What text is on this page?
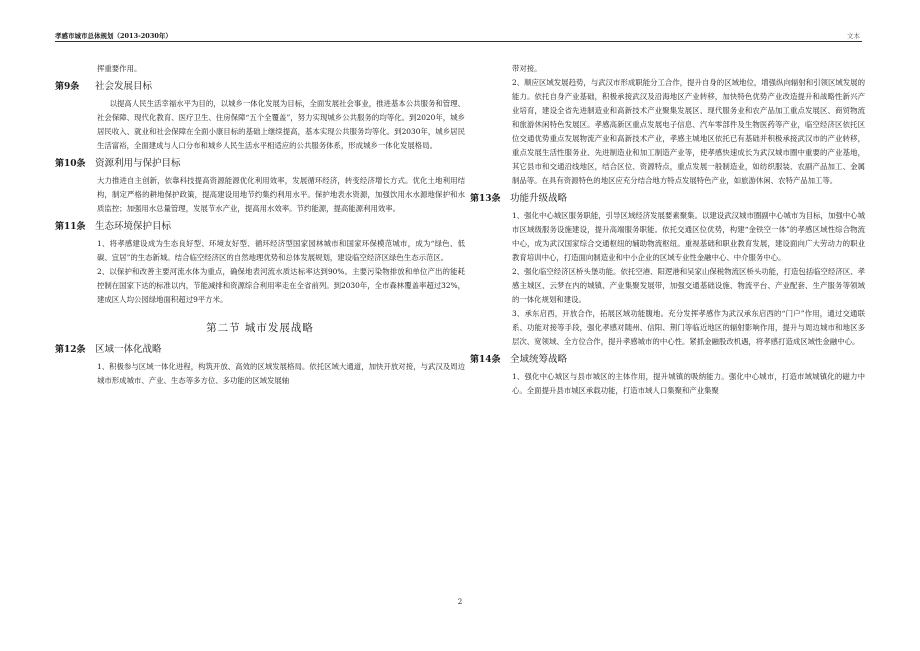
孝感市城市总体规划（2013-2030年）	文本
挥重要作用。
第9条	社会发展目标
以提高人民生活幸福水平为目的，以城乡一体化发展为目标，全面发展社会事业，推进基本公共服务和管理、社会保障、现代化教育、医疗卫生、住房保障“五个全覆盖”，努力实现城乡公共服务的均等化。到2020年，城乡居民收入、就业和社会保障在全面小康目标的基础上继续提高，基本实现公共服务均等化。到2030年，城乡居民生活富裕，全面建成与人口分布和城乡人民生活水平相适应的公共服务体系，形成城乡一体化发展格局。
第10条 资源利用与保护目标
大力推进自主创新，依靠科技提高资源能源优化利用效率，发展循环经济，转变经济增长方式。优化土地利用结构，制定严格的耕地保护政策，提高建设用地节约集约利用水平。保护地表水资源，加强饮用水水源地保护和水质监控；加强用水总量管理，发展节水产业，提高用水效率。节约能源，提高能源利用效率。
第11条 生态环境保护目标
1、将孝感建设成为生态良好型、环境友好型、循环经济型国家园林城市和国家环保模范城市，成为“绿色、低碳、宜居”的生态新城。结合临空经济区的自然地理优势和总体发展规划，建设临空经济区绿色生态示范区。
2、以保护和改善主要河流水体为重点，确保地表河流水质达标率达到90%。主要污染物排放和单位产出的能耗控制在国家下达的标准以内，节能减排和资源综合利用率走在全省前列。到2030年，全市森林覆盖率超过32%，建成区人均公园绿地面积超过9平方米。
第二节 城市发展战略
第12条 区域一体化战略
1、积极参与区域一体化进程，构筑开放、高效的区域发展格局。依托区域大通道，加快开放对接，与武汉及周边城市形成城市、产业、生态等多方位、多功能的区域发展轴
带对接。
2、顺应区域发展趋势，与武汉市形成职能分工合作，提升自身的区域地位，增强纵向辐射和引领区域发展的能力。依托自身产业基础，积极承接武汉及沿海地区产业转移，加快特色优势产业改造提升和战略性新兴产业培育，建设全省先进制造业和高新技术产业聚集发展区、现代服务业和农产品加工重点发展区、商贸物流和旅游休闲特色发展区。孝感高新区重点发展电子信息、汽车零部件及生物医药等产业，临空经济区依托区位交通优势重点发展物流产业和高新技术产业，孝感主城地区依托已有基础并积极承接武汉市的产业转移，重点发展生活性服务业、先进制造业和加工制造产业等，使孝感快速成长为武汉城市圈中重要的产业基地，其它县市和交通沿线地区，结合区位、资源特点，重点发展一般制造业，如纺织服装、农副产品加工、金属制品等。在具有资源特色的地区应充分结合地方特点发展特色产业，如旅游休闲、农特产品加工等。
第13条 功能升级战略
1、强化中心城区服务职能，引导区域经济发展要素聚集。以建设武汉城市圈副中心城市为目标，加强中心城市区域级服务设施建设，提升高端服务职能。依托交通区位优势，构建“金铁空一体”的孝感区域性综合物流中心，成为武汉国家综合交通枢纽的辅助物流枢纽。重视基础和职业教育发展，建设面向广大劳动力的职业教育培训中心，打造面向制造业和中小企业的区域专业性金融中心、中介服务中心。
2、强化临空经济区桥头堡功能。依托空港、阳逻港和吴家山保税物流区桥头功能，打造包括临空经济区、孝感主城区、云梦在内的城镇、产业集聚发展带，加强交通基础设施、物流平台、产业配套、生产服务等领域的一体化规划和建设。
3、承东启西，开放合作，拓展区域功能腹地。充分发挥孝感作为武汉承东启西的“门户”作用，通过交通联系、功能对接等手段，强化孝感对随州、信阳、荆门等临近地区的辐射影响作用，提升与周边城市和地区多层次、宽领域、全方位合作，提升孝感城市的中心性。紧抓金融股改机遇，将孝感打造成区域性金融中心。
第14条 全域统筹战略
1、强化中心城区与县市城区的主体作用，提升城镇的吸纳能力。强化中心城市，打造市域城镇化的磁力中心。全面提升县市城区承载功能，打造市域人口集聚和产业集聚
2
